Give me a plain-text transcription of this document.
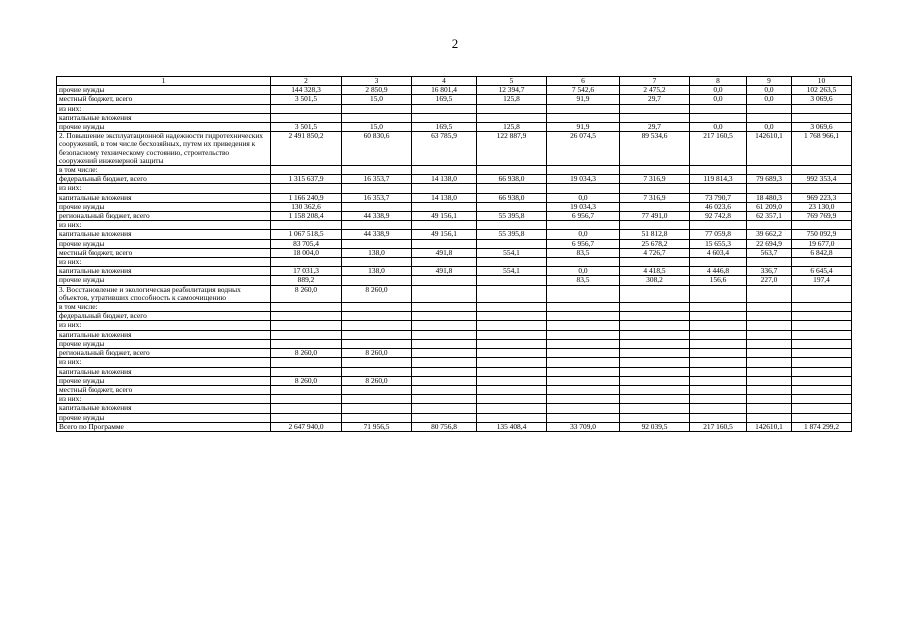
2
1	2	3	4	5	6	7	8	9	10
прочие нужды	144 328,3	2 850,9	16 801,4	12 394,7	7 542,6	2 475,2	0,0	0,0	102 263,5
местный бюджет, всего	3 501,5	15,0	169,5	125,8	91,9	29,7	0,0	0,0	3 069,6
из них:									
капитальные вложения									
прочие нужды	3 501,5	15,0	169,5	125,8	91,9	29,7	0,0	0,0	3 069,6
2. Повышение эксплуатационной надежности гидротехнических сооружений, в том числе бесхозяйных, путем их приведения к безопасному техническому состоянию, строительство сооружений инженерной защиты	2 491 850,2	60 830,6	63 785,9	122 887,9	26 074,5	89 534,6	217 160,5	142610,1	1 768 966,1
в том числе:									
федеральный бюджет, всего	1 315 637,9	16 353,7	14 138,0	66 938,0	19 034,3	7 316,9	119 814,3	79 689,3	992 353,4
из них:									
капитальные вложения	1 166 240,9	16 353,7	14 138,0	66 938,0	0,0	7 316,9	73 790,7	18 480,3	969 223,3
прочие нужды	130 362,6				19 034,3		46 023,6	61 209,0	23 130,0
региональный бюджет, всего	1 158 208,4	44 338,9	49 156,1	55 395,8	6 956,7	77 491,0	92 742,8	62 357,1	769 769,9
из них:									
капитальные вложения	1 067 518,5	44 338,9	49 156,1	55 395,8	0,0	51 812,8	77 059,8	39 662,2	750 092,9
прочие нужды	83 705,4				6 956,7	25 678,2	15 655,3	22 694,9	19 677,0
местный бюджет, всего	18 004,0	138,0	491,8	554,1	83,5	4 726,7	4 603,4	563,7	6 842,8
из них:									
капитальные вложения	17 031,3	138,0	491,8	554,1	0,0	4 418,5	4 446,8	336,7	6 645,4
прочие нужды	889,2				83,5	308,2	156,6	227,0	197,4
3. Восстановление и экологическая реабилитация водных объектов, утративших способность к самоочищению	8 260,0	8 260,0							
в том числе:									
федеральный бюджет, всего									
из них:									
капитальные вложения									
прочие нужды									
региональный бюджет, всего	8 260,0	8 260,0							
из них:									
капитальные вложения									
прочие нужды	8 260,0	8 260,0							
местный бюджет, всего									
из них:									
капитальные вложения									
прочие нужды									
Всего по Программе	2 647 940,0	71 956,5	80 756,8	135 408,4	33 709,0	92 039,5	217 160,5	142610,1	1 874 299,2
